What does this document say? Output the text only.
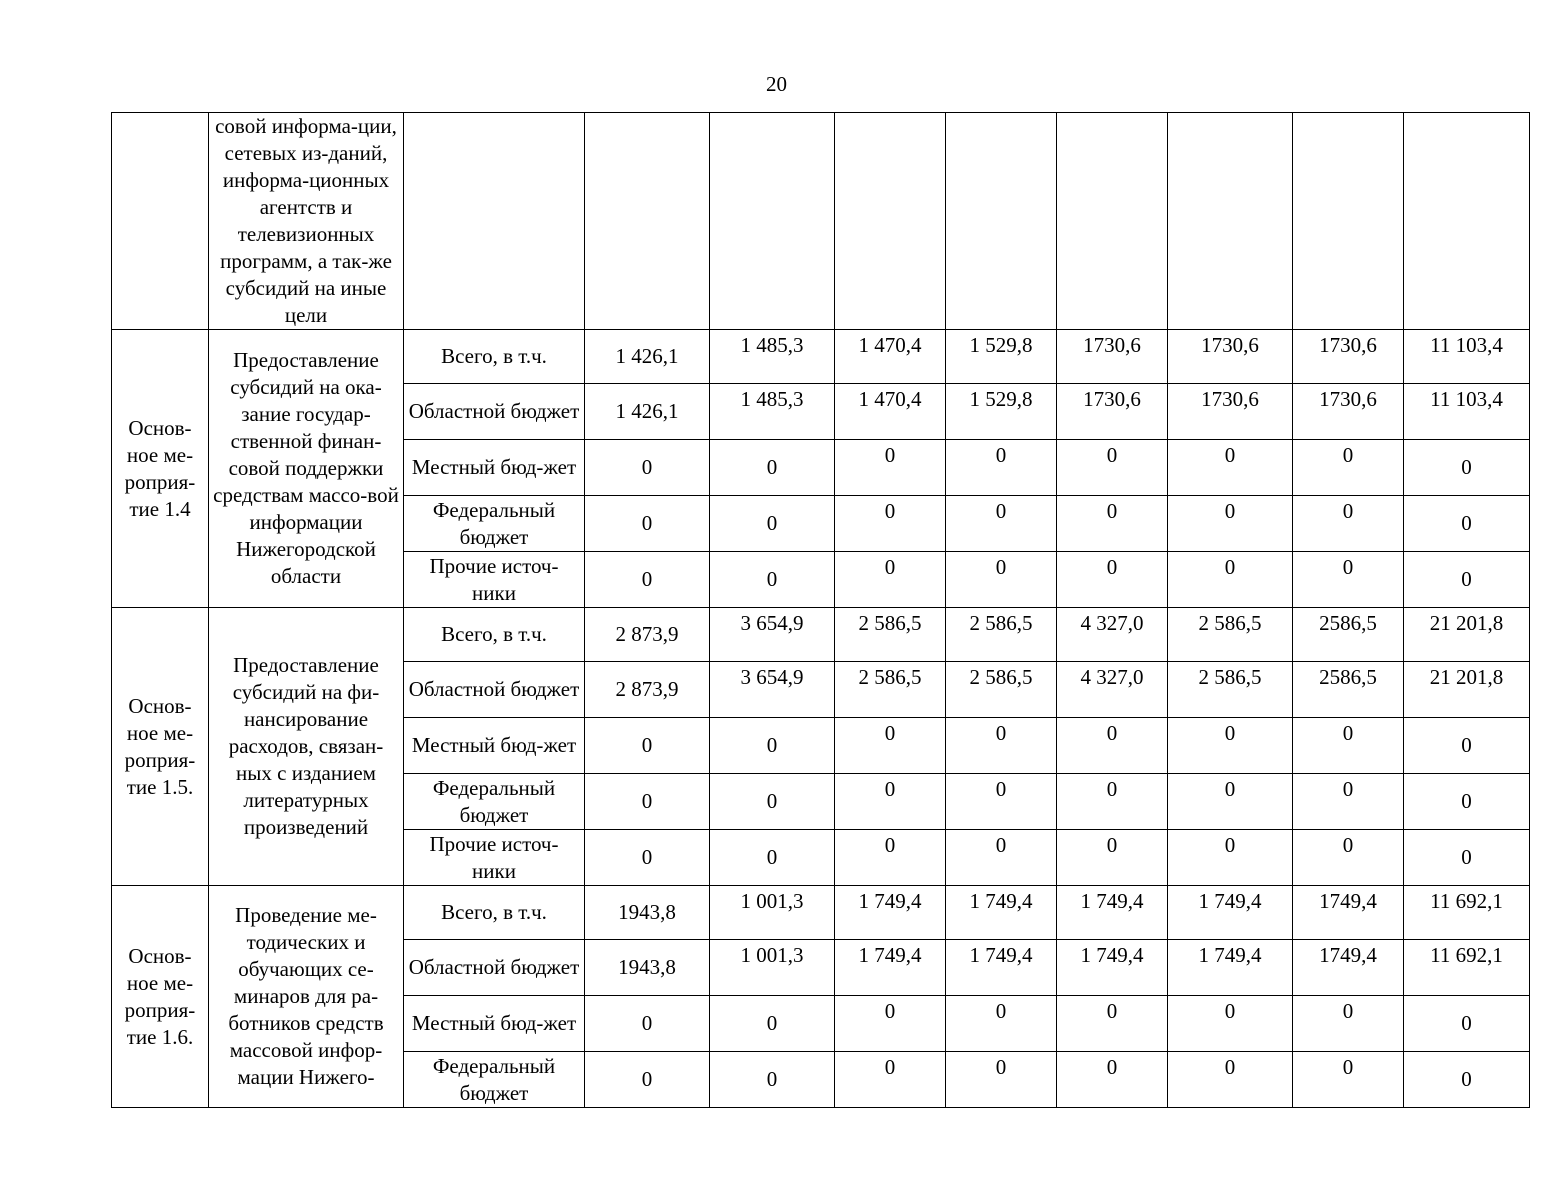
20
	совой информа-ции, сетевых из-даний, информа-ционных агентств и телевизионных программ, а так-же субсидий на иные цели									
Основ-ное ме-роприя-тие 1.4	Предоставление субсидий на ока-зание государ-ственной финан-совой поддержки средствам массо-вой информации Нижегородской области	Всего, в т.ч.	1 426,1	1 485,3	1 470,4	1 529,8	1730,6	1730,6	1730,6	11 103,4
		Областной бюджет	1 426,1	1 485,3	1 470,4	1 529,8	1730,6	1730,6	1730,6	11 103,4
		Местный бюд-жет	0	0	0	0	0	0	0	0
		Федеральный бюджет	0	0	0	0	0	0	0	0
		Прочие источ-ники	0	0	0	0	0	0	0	0
Основ-ное ме-роприя-тие 1.5.	Предоставление субсидий на фи-нансирование расходов, связан-ных с изданием литературных произведений	Всего, в т.ч.	2 873,9	3 654,9	2 586,5	2 586,5	4 327,0	2 586,5	2586,5	21 201,8
		Областной бюджет	2 873,9	3 654,9	2 586,5	2 586,5	4 327,0	2 586,5	2586,5	21 201,8
		Местный бюд-жет	0	0	0	0	0	0	0	0
		Федеральный бюджет	0	0	0	0	0	0	0	0
		Прочие источ-ники	0	0	0	0	0	0	0	0
Основ-ное ме-роприя-тие 1.6.	Проведение ме-тодических и обучающих се-минаров для ра-ботников средств массовой инфор-мации Нижего-	Всего, в т.ч.	1943,8	1 001,3	1 749,4	1 749,4	1 749,4	1 749,4	1749,4	11 692,1
		Областной бюджет	1943,8	1 001,3	1 749,4	1 749,4	1 749,4	1 749,4	1749,4	11 692,1
		Местный бюд-жет	0	0	0	0	0	0	0	0
		Федеральный бюджет	0	0	0	0	0	0	0	0
